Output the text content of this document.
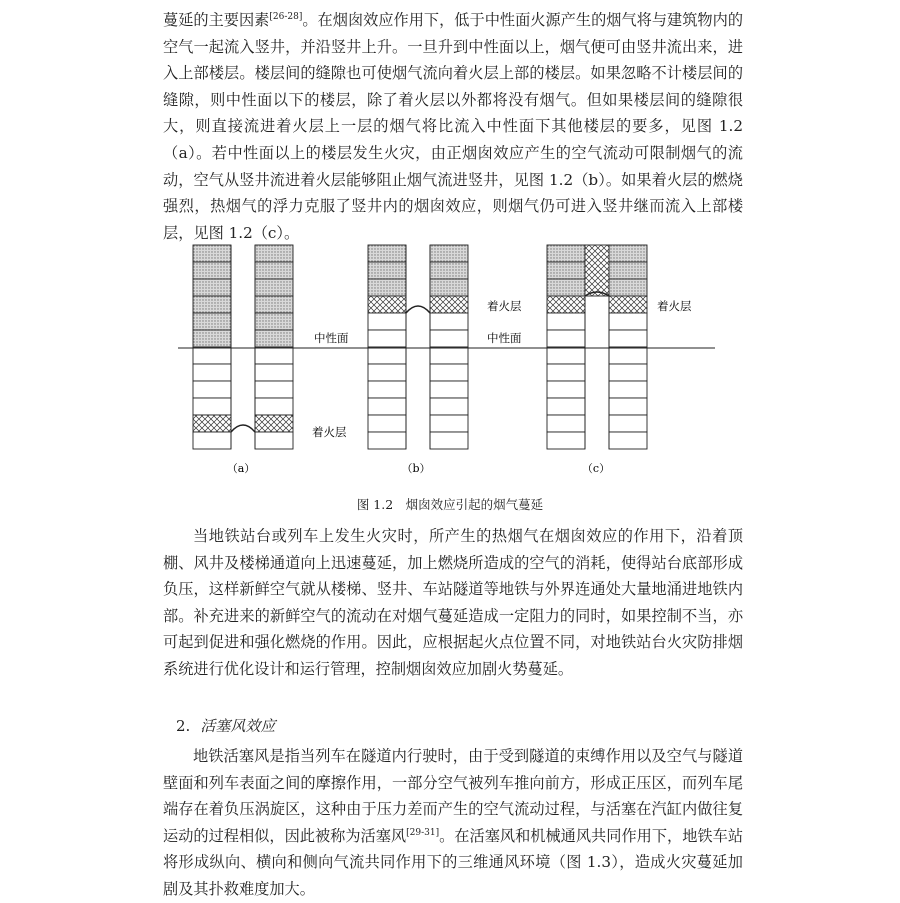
蔓延的主要因素[26-28]。在烟囱效应作用下，低于中性面火源产生的烟气将与建筑物内的空气一起流入竖井，并沿竖井上升。一旦升到中性面以上，烟气便可由竖井流出来，进入上部楼层。楼层间的缝隙也可使烟气流向着火层上部的楼层。如果忽略不计楼层间的缝隙，则中性面以下的楼层，除了着火层以外都将没有烟气。但如果楼层间的缝隙很大，则直接流进着火层上一层的烟气将比流入中性面下其他楼层的要多，见图 1.2（a）。若中性面以上的楼层发生火灾，由正烟囱效应产生的空气流动可限制烟气的流动，空气从竖井流进着火层能够阻止烟气流进竖井，见图 1.2（b）。如果着火层的燃烧强烈，热烟气的浮力克服了竖井内的烟囱效应，则烟气仍可进入竖井继而流入上部楼层，见图 1.2（c）。
中性面	中性面
着火层
着火层	着火层
（a）	（b）	（c）
图 1.2　烟囱效应引起的烟气蔓延
当地铁站台或列车上发生火灾时，所产生的热烟气在烟囱效应的作用下，沿着顶棚、风井及楼梯通道向上迅速蔓延，加上燃烧所造成的空气的消耗，使得站台底部形成负压，这样新鲜空气就从楼梯、竖井、车站隧道等地铁与外界连通处大量地涌进地铁内部。补充进来的新鲜空气的流动在对烟气蔓延造成一定阻力的同时，如果控制不当，亦可起到促进和强化燃烧的作用。因此，应根据起火点位置不同，对地铁站台火灾防排烟系统进行优化设计和运行管理，控制烟囱效应加剧火势蔓延。
2. 活塞风效应
地铁活塞风是指当列车在隧道内行驶时，由于受到隧道的束缚作用以及空气与隧道壁面和列车表面之间的摩擦作用，一部分空气被列车推向前方，形成正压区，而列车尾端存在着负压涡旋区，这种由于压力差而产生的空气流动过程，与活塞在汽缸内做往复运动的过程相似，因此被称为活塞风[29-31]。在活塞风和机械通风共同作用下，地铁车站将形成纵向、横向和侧向气流共同作用下的三维通风环境（图 1.3），造成火灾蔓延加剧及其扑救难度加大。
